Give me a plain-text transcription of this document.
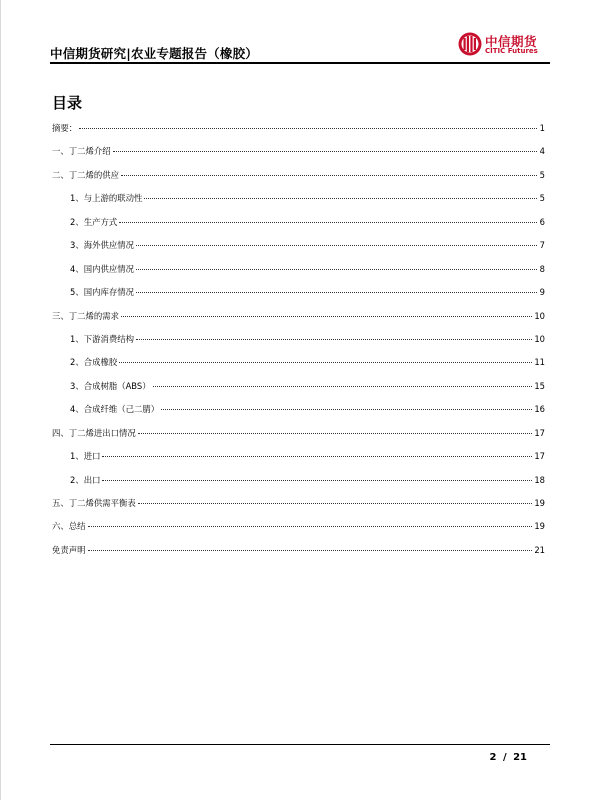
中信期货研究|农业专题报告（橡胶）
中信期货
CITIC Futures
目录
摘要：	1
一、丁二烯介绍	4
二、丁二烯的供应	5
1、与上游的联动性	5
2、生产方式	6
3、海外供应情况	7
4、国内供应情况	8
5、国内库存情况	9
三、丁二烯的需求	10
1、下游消费结构	10
2、合成橡胶	11
3、合成树脂（ABS）	15
4、合成纤维（己二腈）	16
四、丁二烯进出口情况	17
1、进口	17
2、出口	18
五、丁二烯供需平衡表	19
六、总结	19
免责声明	21
2 / 21
